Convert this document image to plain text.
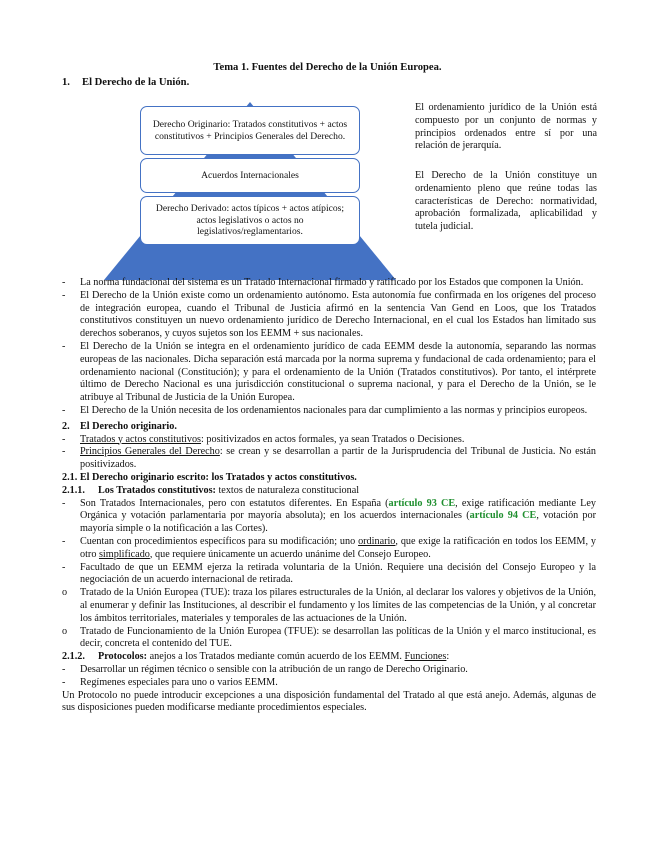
Tema 1. Fuentes del Derecho de la Unión Europea.
1. El Derecho de la Unión.
Derecho Originario: Tratados constitutivos + actos constitutivos + Principios Generales del Derecho.
Acuerdos Internacionales
Derecho Derivado: actos típicos + actos atípicos; actos legislativos o actos no legislativos/reglamentarios.
El ordenamiento jurídico de la Unión está compuesto por un conjunto de normas y principios ordenados entre sí por una relación de jerarquía.
El Derecho de la Unión constituye un ordenamiento pleno que reúne todas las características de Derecho: normatividad, aprobación formalizada, aplicabilidad y tutela judicial.
-	La norma fundacional del sistema es un Tratado Internacional firmado y ratificado por los Estados que componen la Unión.
-	El Derecho de la Unión existe como un ordenamiento autónomo. Esta autonomía fue confirmada en los orígenes del proceso de integración europea, cuando el Tribunal de Justicia afirmó en la sentencia Van Gend en Loos, que los Tratados constitutivos constituyen un nuevo ordenamiento jurídico de Derecho Internacional, en el cual los Estados han limitado sus derechos soberanos, y cuyos sujetos son los EEMM + sus nacionales.
-	El Derecho de la Unión se integra en el ordenamiento jurídico de cada EEMM desde la autonomía, separando las normas europeas de las nacionales. Dicha separación está marcada por la norma suprema y fundacional de cada ordenamiento; para el ordenamiento nacional (Constitución); y para el ordenamiento de la Unión (Tratados constitutivos). Por tanto, el intérprete último de Derecho Nacional es una jurisdicción constitucional o suprema nacional, y para el Derecho de la Unión, se le atribuye al Tribunal de Justicia de la Unión Europea.
-	El Derecho de la Unión necesita de los ordenamientos nacionales para dar cumplimiento a las normas y principios europeos.
2. El Derecho originario.
-	Tratados y actos constitutivos: positivizados en actos formales, ya sean Tratados o Decisiones.
-	Principios Generales del Derecho: se crean y se desarrollan a partir de la Jurisprudencia del Tribunal de Justicia. No están positivizados.
2.1. El Derecho originario escrito: los Tratados y actos constitutivos.
2.1.1. Los Tratados constitutivos: textos de naturaleza constitucional
-	Son Tratados Internacionales, pero con estatutos diferentes. En España (artículo 93 CE, exige ratificación mediante Ley Orgánica y votación parlamentaria por mayoría absoluta); en los acuerdos internacionales (artículo 94 CE, votación por mayoría simple o la notificación a las Cortes).
-	Cuentan con procedimientos específicos para su modificación; uno ordinario, que exige la ratificación en todos los EEMM, y otro simplificado, que requiere únicamente un acuerdo unánime del Consejo Europeo.
-	Facultado de que un EEMM ejerza la retirada voluntaria de la Unión. Requiere una decisión del Consejo Europeo y la negociación de un acuerdo internacional de retirada.
o	Tratado de la Unión Europea (TUE): traza los pilares estructurales de la Unión, al declarar los valores y objetivos de la Unión, al enumerar y definir las Instituciones, al describir el fundamento y los límites de las competencias de la Unión, y al concretar los ámbitos territoriales, materiales y temporales de las actuaciones de la Unión.
o	Tratado de Funcionamiento de la Unión Europea (TFUE): se desarrollan las políticas de la Unión y el marco institucional, es decir, concreta el contenido del TUE.
2.1.2. Protocolos: anejos a los Tratados mediante común acuerdo de los EEMM. Funciones:
-	Desarrollar un régimen técnico o sensible con la atribución de un rango de Derecho Originario.
-	Regímenes especiales para uno o varios EEMM.
Un Protocolo no puede introducir excepciones a una disposición fundamental del Tratado al que está anejo. Además, algunas de sus disposiciones pueden modificarse mediante procedimientos especiales.
